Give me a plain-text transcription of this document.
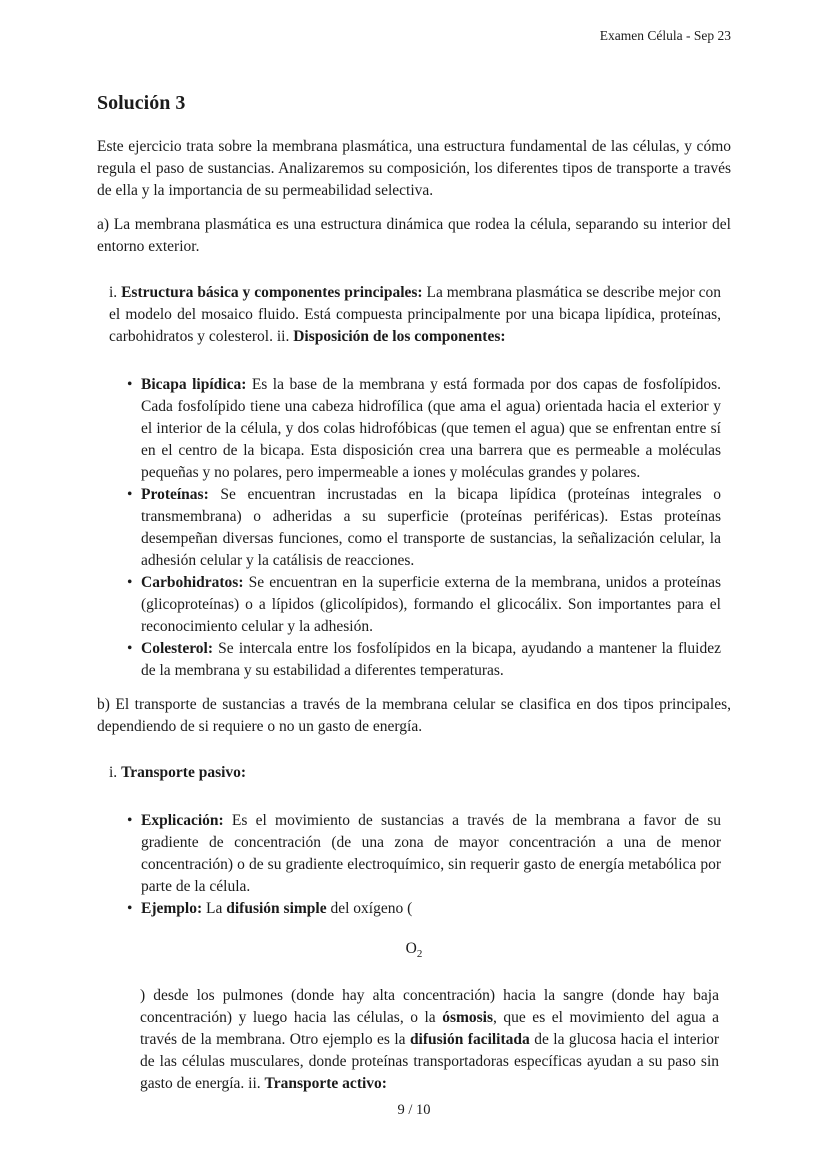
Examen Célula - Sep 23
Solución 3

Este ejercicio trata sobre la membrana plasmática, una estructura fundamental de las células, y cómo regula el paso de sustancias. Analizaremos su composición, los diferentes tipos de transporte a través de ella y la importancia de su permeabilidad selectiva.

a) La membrana plasmática es una estructura dinámica que rodea la célula, separando su interior del entorno exterior.

i. Estructura básica y componentes principales: La membrana plasmática se describe mejor con el modelo del mosaico fluido. Está compuesta principalmente por una bicapa lipídica, proteínas, carbohidratos y colesterol. ii. Disposición de los componentes:
• Bicapa lipídica: Es la base de la membrana y está formada por dos capas de fosfolípidos. Cada fosfolípido tiene una cabeza hidrofílica (que ama el agua) orientada hacia el exterior y el interior de la célula, y dos colas hidrofóbicas (que temen el agua) que se enfrentan entre sí en el centro de la bicapa. Esta disposición crea una barrera que es permeable a moléculas pequeñas y no polares, pero impermeable a iones y moléculas grandes y polares.
• Proteínas: Se encuentran incrustadas en la bicapa lipídica (proteínas integrales o transmembrana) o adheridas a su superficie (proteínas periféricas). Estas proteínas desempeñan diversas funciones, como el transporte de sustancias, la señalización celular, la adhesión celular y la catálisis de reacciones.
• Carbohidratos: Se encuentran en la superficie externa de la membrana, unidos a proteínas (glicoproteínas) o a lípidos (glicolípidos), formando el glicocálix. Son importantes para el reconocimiento celular y la adhesión.
• Colesterol: Se intercala entre los fosfolípidos en la bicapa, ayudando a mantener la fluidez de la membrana y su estabilidad a diferentes temperaturas.

b) El transporte de sustancias a través de la membrana celular se clasifica en dos tipos principales, dependiendo de si requiere o no un gasto de energía.

i. Transporte pasivo:
• Explicación: Es el movimiento de sustancias a través de la membrana a favor de su gradiente de concentración (de una zona de mayor concentración a una de menor concentración) o de su gradiente electroquímico, sin requerir gasto de energía metabólica por parte de la célula.
• Ejemplo: La difusión simple del oxígeno (
$O_2$
) desde los pulmones (donde hay alta concentración) hacia la sangre (donde hay baja concentración) y luego hacia las células, o la ósmosis, que es el movimiento del agua a través de la membrana. Otro ejemplo es la difusión facilitada de la glucosa hacia el interior de las células musculares, donde proteínas transportadoras específicas ayudan a su paso sin gasto de energía. ii. Transporte activo:
9 / 10
